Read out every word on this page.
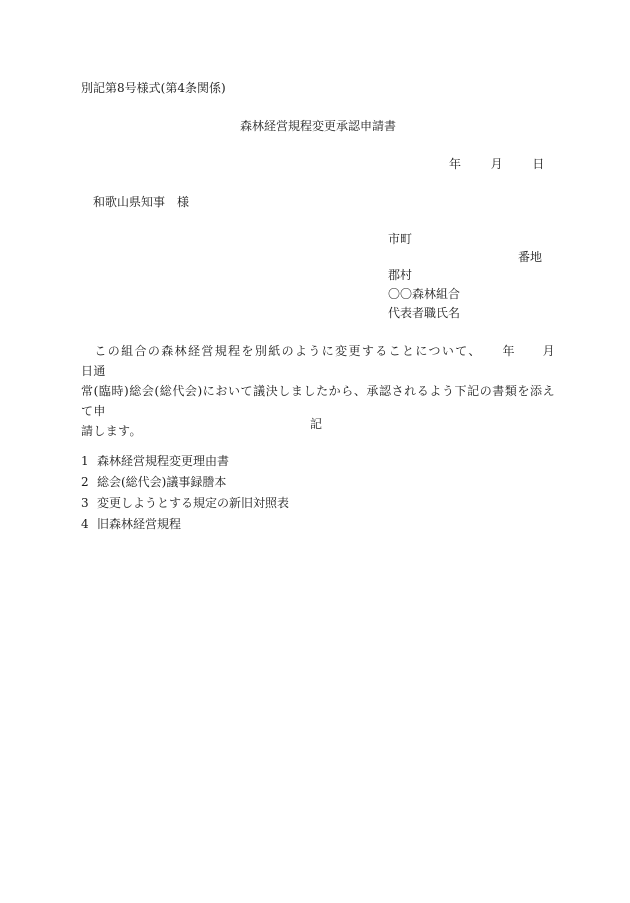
別記第8号様式(第4条関係)
森林経営規程変更承認申請書
年 月 日
和歌山県知事　様
市町
番地
郡村
〇〇森林組合
代表者職氏名
　この組合の森林経営規程を別紙のように変更することについて、　　年　　月　　日通
常(臨時)総会(総代会)において議決しましたから、承認されるよう下記の書類を添えて申
請します。	記
1 森林経営規程変更理由書
2 総会(総代会)議事録謄本
3 変更しようとする規定の新旧対照表
4 旧森林経営規程
